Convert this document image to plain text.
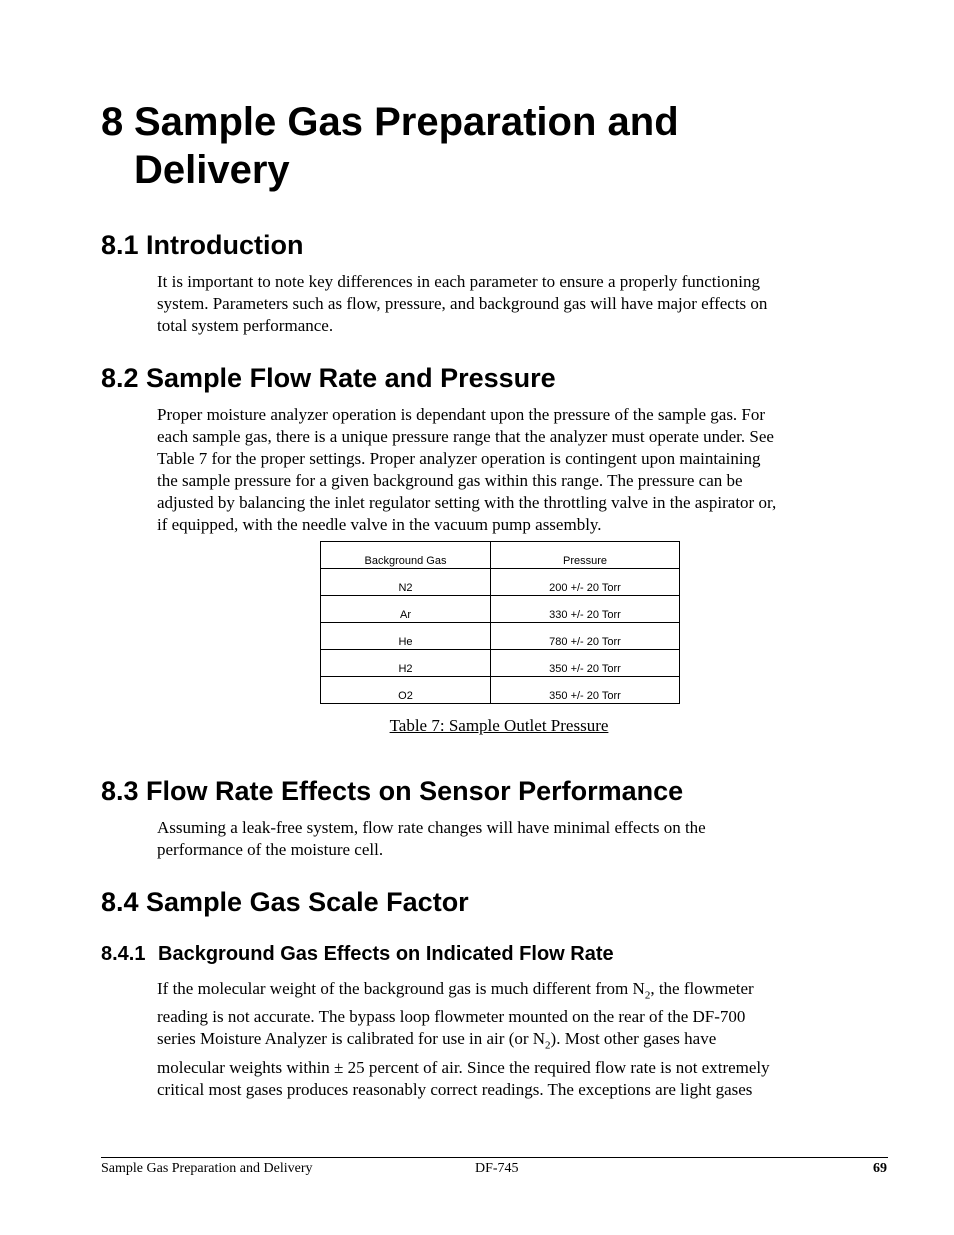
8 Sample Gas Preparation and
Delivery
8.1 Introduction

It is important to note key differences in each parameter to ensure a properly functioning
system. Parameters such as flow, pressure, and background gas will have major effects on
total system performance.

8.2 Sample Flow Rate and Pressure

Proper moisture analyzer operation is dependant upon the pressure of the sample gas. For
each sample gas, there is a unique pressure range that the analyzer must operate under. See
Table 7 for the proper settings. Proper analyzer operation is contingent upon maintaining
the sample pressure for a given background gas within this range. The pressure can be
adjusted by balancing the inlet regulator setting with the throttling valve in the aspirator or,
if equipped, with the needle valve in the vacuum pump assembly.

Background Gas	Pressure
N2	200 +/- 20 Torr
Ar	330 +/- 20 Torr
He	780 +/- 20 Torr
H2	350 +/- 20 Torr
O2	350 +/- 20 Torr

Table 7: Sample Outlet Pressure

8.3 Flow Rate Effects on Sensor Performance

Assuming a leak-free system, flow rate changes will have minimal effects on the
performance of the moisture cell.

8.4 Sample Gas Scale Factor
8.4.1 Background Gas Effects on Indicated Flow Rate

If the molecular weight of the background gas is much different from $N_2$, the flowmeter
reading is not accurate. The bypass loop flowmeter mounted on the rear of the DF-700
series Moisture Analyzer is calibrated for use in air (or $N_2$). Most other gases have
molecular weights within ± 25 percent of air. Since the required flow rate is not extremely
critical most gases produces reasonably correct readings. The exceptions are light gases

Sample Gas Preparation and Delivery	DF-745	69
